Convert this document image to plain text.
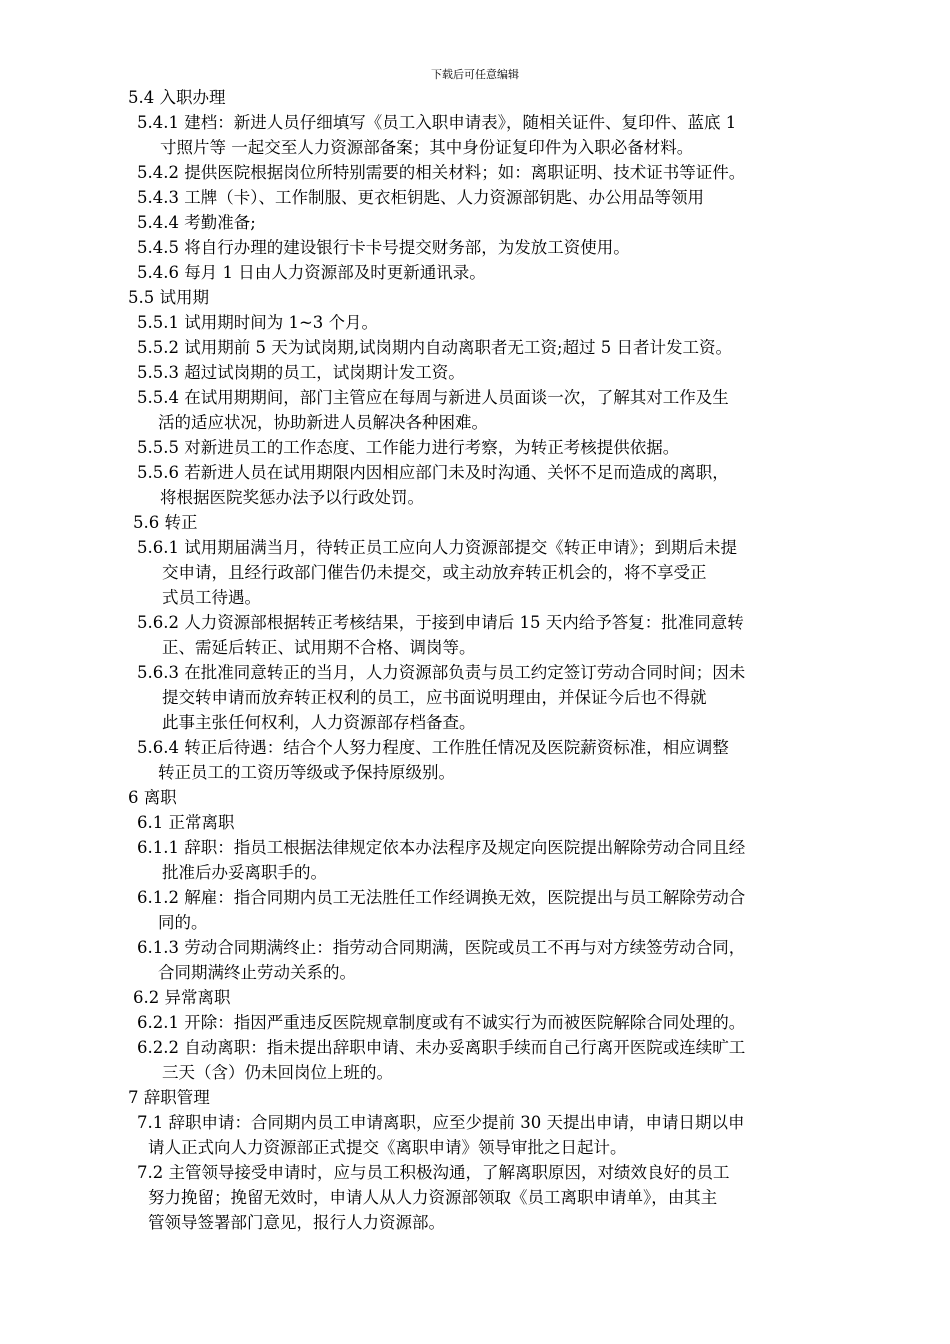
下载后可任意编辑
5.4 入职办理
5.4.1 建档：新进人员仔细填写《员工入职申请表》，随相关证件、复印件、蓝底 1
寸照片等 一起交至人力资源部备案；其中身份证复印件为入职必备材料。
5.4.2 提供医院根据岗位所特别需要的相关材料；如：离职证明、技术证书等证件。
5.4.3 工牌（卡）、工作制服、更衣柜钥匙、人力资源部钥匙、办公用品等领用
5.4.4 考勤准备;
5.4.5 将自行办理的建设银行卡卡号提交财务部，为发放工资使用。
5.4.6 每月 1 日由人力资源部及时更新通讯录。
5.5 试用期
5.5.1 试用期时间为 1~3 个月。
5.5.2 试用期前 5 天为试岗期,试岗期内自动离职者无工资;超过 5 日者计发工资。
5.5.3 超过试岗期的员工，试岗期计发工资。
5.5.4 在试用期期间，部门主管应在每周与新进人员面谈一次，了解其对工作及生
活的适应状况，协助新进人员解决各种困难。
5.5.5 对新进员工的工作态度、工作能力进行考察，为转正考核提供依据。
5.5.6 若新进人员在试用期限内因相应部门未及时沟通、关怀不足而造成的离职，
将根据医院奖惩办法予以行政处罚。
5.6 转正
5.6.1 试用期届满当月，待转正员工应向人力资源部提交《转正申请》；到期后未提
交申请，且经行政部门催告仍未提交，或主动放弃转正机会的，将不享受正
式员工待遇。
5.6.2 人力资源部根据转正考核结果，于接到申请后 15 天内给予答复：批准同意转
正、需延后转正、试用期不合格、调岗等。
5.6.3 在批准同意转正的当月，人力资源部负责与员工约定签订劳动合同时间；因未
提交转申请而放弃转正权利的员工，应书面说明理由，并保证今后也不得就
此事主张任何权利，人力资源部存档备查。
5.6.4 转正后待遇：结合个人努力程度、工作胜任情况及医院薪资标准，相应调整
转正员工的工资历等级或予保持原级别。
6 离职
6.1 正常离职
6.1.1 辞职：指员工根据法律规定依本办法程序及规定向医院提出解除劳动合同且经
批准后办妥离职手的。
6.1.2 解雇：指合同期内员工无法胜任工作经调换无效，医院提出与员工解除劳动合
同的。
6.1.3 劳动合同期满终止：指劳动合同期满，医院或员工不再与对方续签劳动合同，
合同期满终止劳动关系的。
6.2 异常离职
6.2.1 开除：指因严重违反医院规章制度或有不诚实行为而被医院解除合同处理的。
6.2.2 自动离职：指未提出辞职申请、未办妥离职手续而自己行离开医院或连续旷工
三天（含）仍未回岗位上班的。
7 辞职管理
7.1 辞职申请：合同期内员工申请离职，应至少提前 30 天提出申请，申请日期以申
请人正式向人力资源部正式提交《离职申请》领导审批之日起计。
7.2 主管领导接受申请时，应与员工积极沟通，了解离职原因，对绩效良好的员工
努力挽留；挽留无效时，申请人从人力资源部领取《员工离职申请单》，由其主
管领导签署部门意见，报行人力资源部。
